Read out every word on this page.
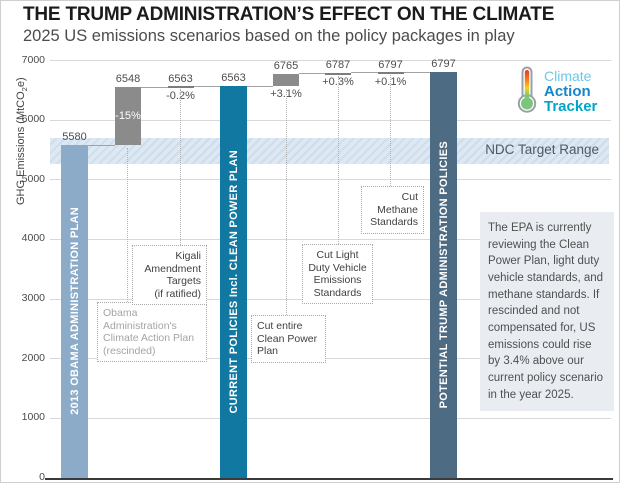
THE TRUMP ADMINISTRATION’S EFFECT ON THE CLIMATE
2025 US emissions scenarios based on the policy packages in play
GHG Emissions (MtCO$_2$e)
0
1000
2000
3000
4000
5000
6000
7000
NDC Target Range
2013 OBAMA ADMINISTRATION PLAN
5580
-15%
6548	6563
-0.2%
CURRENT POLICIES Incl. CLEAN POWER PLAN
6563
6765
+3.1%
6787
+0.3%
6797
+0.1%
POTENTIAL TRUMP ADMINISTRATION POLICIES
6797
Obama
Administration's
Climate Action Plan
(rescinded)
Kigali
Amendment
Targets
(if ratified)
Cut entire
Clean Power
Plan
Cut Light
Duty Vehicle
Emissions
Standards
Cut
Methane
Standards
Climate
Action
Tracker
The EPA is currently reviewing the Clean Power Plan, light duty vehicle standards, and methane standards. If rescinded and not compensated for, US emissions could rise by 3.4% above our current policy scenario in the year 2025.
